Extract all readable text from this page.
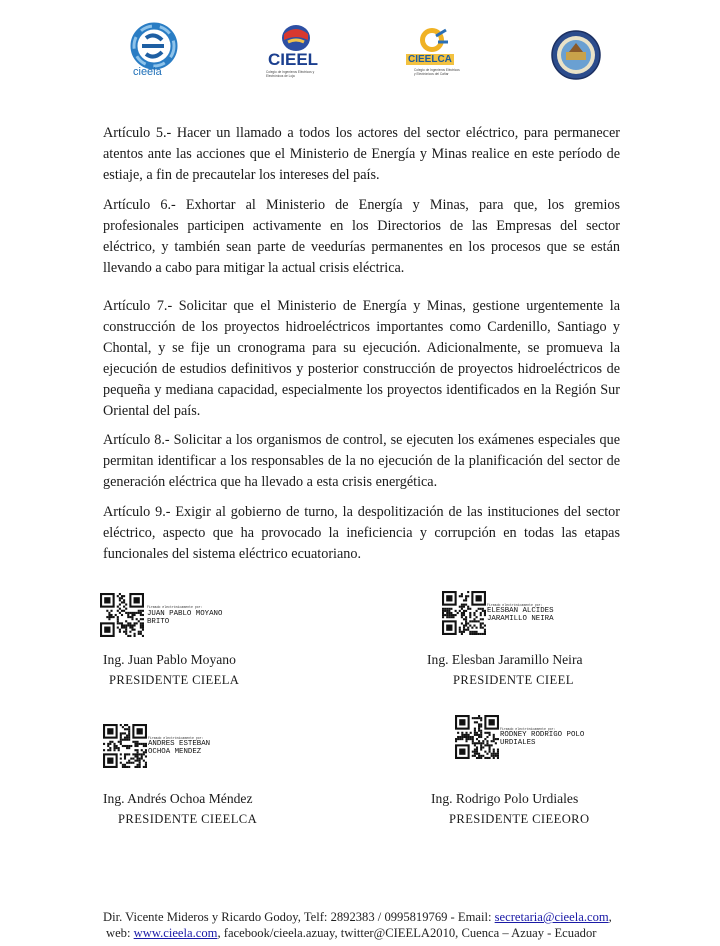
cieela
CIEEL
Colegio de Ingenieros Eléctricos y Electrónicos de Loja
CIEELCA
Colegio de Ingenieros Eléctricos y Electrónicos del Cañar

Artículo 5.- Hacer un llamado a todos los actores del sector eléctrico, para permanecer atentos ante las acciones que el Ministerio de Energía y Minas realice en este período de estiaje, a fin de precautelar los intereses del país.

Artículo 6.- Exhortar al Ministerio de Energía y Minas, para que, los gremios profesionales participen activamente en los Directorios de las Empresas del sector eléctrico, y también sean parte de veedurías permanentes en los procesos que se están llevando a cabo para mitigar la actual crisis eléctrica.

Artículo 7.- Solicitar que el Ministerio de Energía y Minas, gestione urgentemente la construcción de los proyectos hidroeléctricos importantes como Cardenillo, Santiago y Chontal, y se fije un cronograma para su ejecución. Adicionalmente, se promueva la ejecución de estudios definitivos y posterior construcción de proyectos hidroeléctricos de pequeña y mediana capacidad, especialmente los proyectos identificados en la Región Sur Oriental del país.

Artículo 8.- Solicitar a los organismos de control, se ejecuten los exámenes especiales que permitan identificar a los responsables de la no ejecución de la planificación del sector de generación eléctrica que ha llevado a esta crisis energética.

Artículo 9.- Exigir al gobierno de turno, la despolitización de las instituciones del sector eléctrico, aspecto que ha provocado la ineficiencia y corrupción en todas las etapas funcionales del sistema eléctrico ecuatoriano.

Firmado electrónicamente por:
JUAN PABLO MOYANO BRITO
Ing. Juan Pablo Moyano
PRESIDENTE CIEELA
Firmado electrónicamente por:
ELESBAN ALCIDES JARAMILLO NEIRA
Ing. Elesban Jaramillo Neira
PRESIDENTE CIEEL
Firmado electrónicamente por:
ANDRES ESTEBAN OCHOA MENDEZ
Ing. Andrés Ochoa Méndez
PRESIDENTE CIEELCA
Firmado electrónicamente por:
RODNEY RODRIGO POLO URDIALES
Ing. Rodrigo Polo Urdiales
PRESIDENTE CIEEORO
Dir. Vicente Mideros y Ricardo Godoy, Telf: 2892383 / 0995819769 - Email: secretaria@cieela.com,
web: www.cieela.com, facebook/cieela.azuay, twitter@CIEELA2010, Cuenca – Azuay - Ecuador
